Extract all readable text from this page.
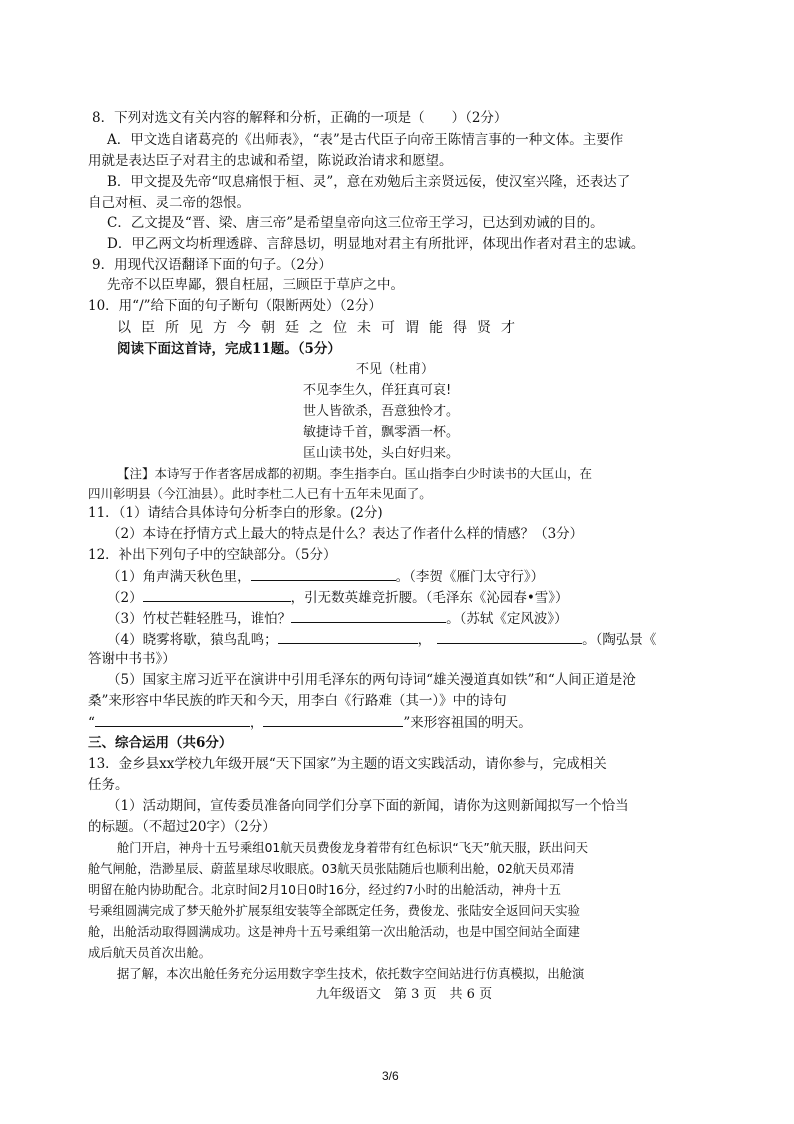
8．下列对选文有关内容的解释和分析，正确的一项是（　　）（2分）
A．甲文选自诸葛亮的《出师表》，“表”是古代臣子向帝王陈情言事的一种文体。主要作
用就是表达臣子对君主的忠诚和希望，陈说政治请求和愿望。
B．甲文提及先帝“叹息痛恨于桓、灵”，意在劝勉后主亲贤远佞，使汉室兴隆，还表达了
自己对桓、灵二帝的怨恨。
C．乙文提及“晋、梁、唐三帝”是希望皇帝向这三位帝王学习，已达到劝诫的目的。
D．甲乙两文均析理透辟、言辞恳切，明显地对君主有所批评，体现出作者对君主的忠诚。
9．用现代汉语翻译下面的句子。（2分）
先帝不以臣卑鄙，猥自枉屈，三顾臣于草庐之中。
10．用“/”给下面的句子断句（限断两处）（2分）
以臣所见方今朝廷之位未可谓能得贤才
阅读下面这首诗，完成11题。（5分）
不见（杜甫）
不见李生久，佯狂真可哀!
世人皆欲杀，吾意独怜才。
敏捷诗千首，飘零酒一杯。
匡山读书处，头白好归来。
【注】本诗写于作者客居成都的初期。李生指李白。匡山指李白少时读书的大匡山，在
四川彰明县（今江油县）。此时李杜二人已有十五年未见面了。
11．（1）请结合具体诗句分析李白的形象。(2分)
（2）本诗在抒情方式上最大的特点是什么？表达了作者什么样的情感？（3分）
12．补出下列句子中的空缺部分。（5分）
（1）角声满天秋色里，	。（李贺《雁门太守行》）
（2）	，引无数英雄竞折腰。（毛泽东《沁园春•雪》）
（3）竹杖芒鞋轻胜马，谁怕？	。（苏轼《定风波》）
（4）晓雾将歇，猿鸟乱鸣；	，	。（陶弘景《
答谢中书书》）
（5）国家主席习近平在演讲中引用毛泽东的两句诗词“雄关漫道真如铁”和“人间正道是沧
桑”来形容中华民族的昨天和今天，用李白《行路难（其一）》中的诗句
“	，	”来形容祖国的明天。
三、综合运用（共6分）
13．金乡县xx学校九年级开展“天下国家”为主题的语文实践活动，请你参与，完成相关
任务。
（1）活动期间，宣传委员准备向同学们分享下面的新闻，请你为这则新闻拟写一个恰当
的标题。（不超过20字）（2分）
舱门开启，神舟十五号乘组01航天员费俊龙身着带有红色标识“飞天”航天服，跃出问天
舱气闸舱，浩渺星辰、蔚蓝星球尽收眼底。03航天员张陆随后也顺利出舱，02航天员邓清
明留在舱内协助配合。北京时间2月10日0时16分，经过约7小时的出舱活动，神舟十五
号乘组圆满完成了梦天舱外扩展泵组安装等全部既定任务，费俊龙、张陆安全返回问天实验
舱，出舱活动取得圆满成功。这是神舟十五号乘组第一次出舱活动，也是中国空间站全面建
成后航天员首次出舱。
据了解，本次出舱任务充分运用数字孪生技术，依托数字空间站进行仿真模拟，出舱演
九年级语文　第 3 页　共 6 页
3/6
